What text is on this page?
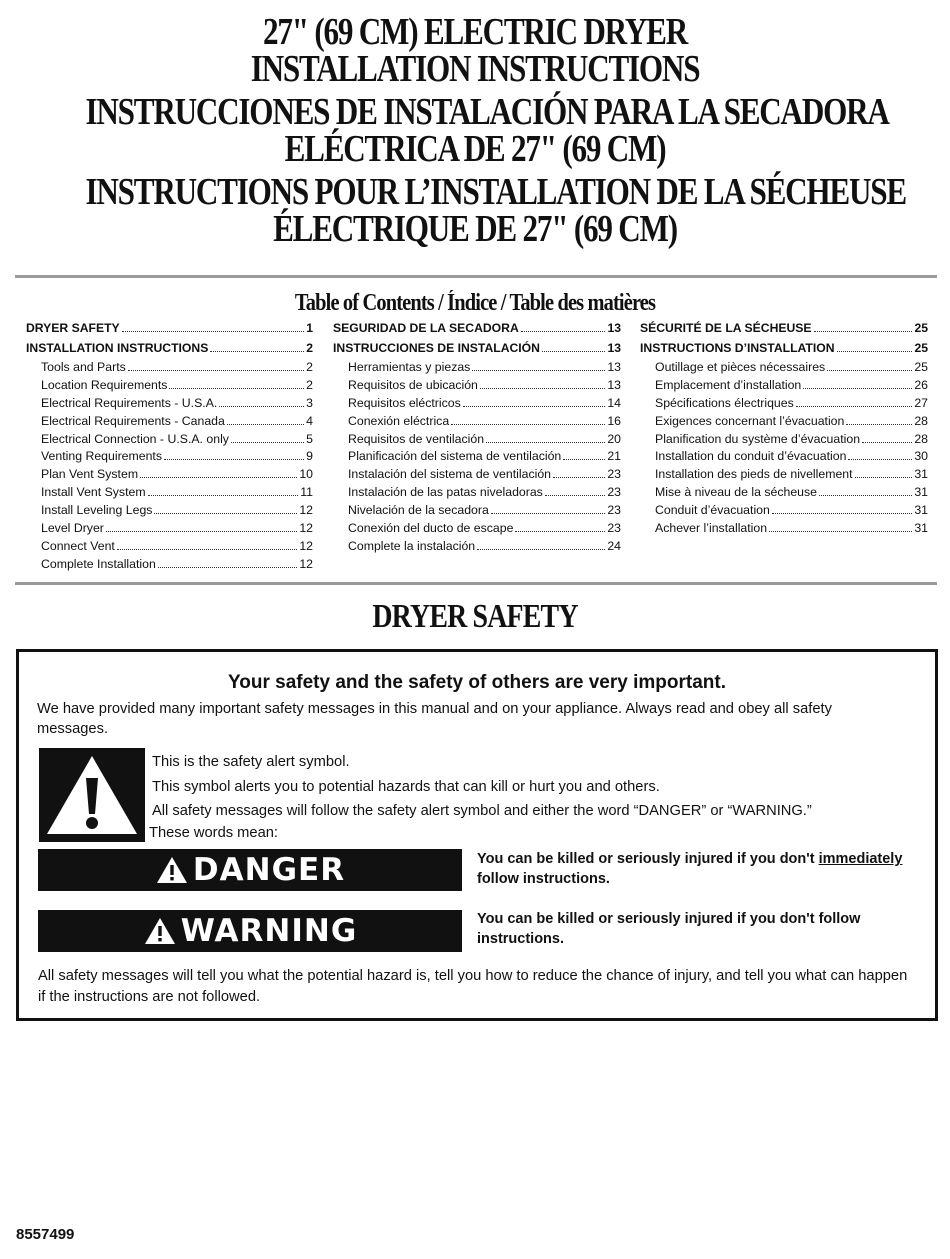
27" (69 CM) ELECTRIC DRYER
INSTALLATION INSTRUCTIONS
INSTRUCCIONES DE INSTALACIÓN PARA LA SECADORA
ELÉCTRICA DE 27" (69 CM)
INSTRUCTIONS POUR L’INSTALLATION DE LA SÉCHEUSE
ÉLECTRIQUE DE 27" (69 CM)
Table of Contents / Índice / Table des matières
DRYER SAFETY	1
INSTALLATION INSTRUCTIONS	2
Tools and Parts	2
Location Requirements	2
Electrical Requirements - U.S.A.	3
Electrical Requirements - Canada	4
Electrical Connection - U.S.A. only	5
Venting Requirements	9
Plan Vent System	10
Install Vent System	11
Install Leveling Legs	12
Level Dryer	12
Connect Vent	12
Complete Installation	12
SEGURIDAD DE LA SECADORA	13
INSTRUCCIONES DE INSTALACIÓN	13
Herramientas y piezas	13
Requisitos de ubicación	13
Requisitos eléctricos	14
Conexión eléctrica	16
Requisitos de ventilación	20
Planificación del sistema de ventilación	21
Instalación del sistema de ventilación	23
Instalación de las patas niveladoras	23
Nivelación de la secadora	23
Conexión del ducto de escape	23
Complete la instalación	24
SÉCURITÉ DE LA SÉCHEUSE	25
INSTRUCTIONS D’INSTALLATION	25
Outillage et pièces nécessaires	25
Emplacement d’installation	26
Spécifications électriques	27
Exigences concernant l’évacuation	28
Planification du système d’évacuation	28
Installation du conduit d’évacuation	30
Installation des pieds de nivellement	31
Mise à niveau de la sécheuse	31
Conduit d’évacuation	31
Achever l’installation	31
DRYER SAFETY
Your safety and the safety of others are very important.
We have provided many important safety messages in this manual and on your appliance. Always read and obey all safety messages.
This is the safety alert symbol.
This symbol alerts you to potential hazards that can kill or hurt you and others.
All safety messages will follow the safety alert symbol and either the word “DANGER” or “WARNING.”
These words mean:
DANGER	You can be killed or seriously injured if you don't immediately follow instructions.
WARNING	You can be killed or seriously injured if you don't follow instructions.
All safety messages will tell you what the potential hazard is, tell you how to reduce the chance of injury, and tell you what can happen if the instructions are not followed.
8557499
